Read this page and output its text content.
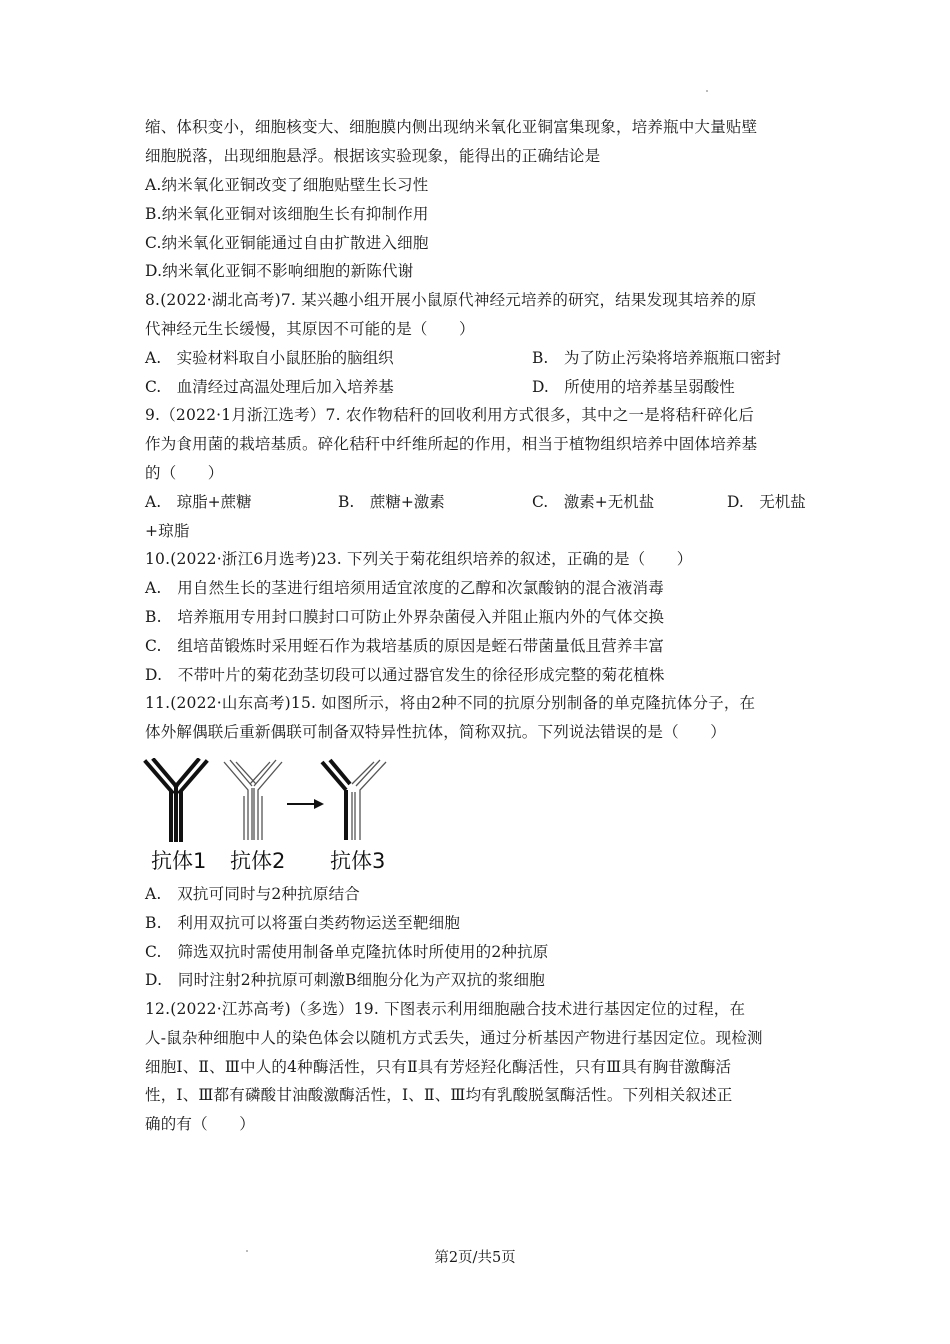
缩、体积变小，细胞核变大、细胞膜内侧出现纳米氧化亚铜富集现象，培养瓶中大量贴壁
细胞脱落，出现细胞悬浮。根据该实验现象，能得出的正确结论是
A.纳米氧化亚铜改变了细胞贴壁生长习性
B.纳米氧化亚铜对该细胞生长有抑制作用
C.纳米氧化亚铜能通过自由扩散进入细胞
D.纳米氧化亚铜不影响细胞的新陈代谢
8.(2022·湖北高考)7. 某兴趣小组开展小鼠原代神经元培养的研究，结果发现其培养的原
代神经元生长缓慢，其原因不可能的是（　　）
A.　实验材料取自小鼠胚胎的脑组织	B.　为了防止污染将培养瓶瓶口密封
C.　血清经过高温处理后加入培养基	D.　所使用的培养基呈弱酸性
9.（2022·1月浙江选考）7. 农作物秸秆的回收利用方式很多，其中之一是将秸秆碎化后
作为食用菌的栽培基质。碎化秸秆中纤维所起的作用，相当于植物组织培养中固体培养基
的（　　）
A.　琼脂+蔗糖	B.　蔗糖+激素	C.　激素+无机盐	D.　无机盐
+琼脂
10.(2022·浙江6月选考)23. 下列关于菊花组织培养的叙述，正确的是（　　）
A.　用自然生长的茎进行组培须用适宜浓度的乙醇和次氯酸钠的混合液消毒
B.　培养瓶用专用封口膜封口可防止外界杂菌侵入并阻止瓶内外的气体交换
C.　组培苗锻炼时采用蛭石作为栽培基质的原因是蛭石带菌量低且营养丰富
D.　不带叶片的菊花劲茎切段可以通过器官发生的徐径形成完整的菊花植株
11.(2022·山东高考)15. 如图所示，将由2种不同的抗原分别制备的单克隆抗体分子，在
体外解偶联后重新偶联可制备双特异性抗体，简称双抗。下列说法错误的是（　　）
抗体1 抗体2 抗体3
A.　双抗可同时与2种抗原结合
B.　利用双抗可以将蛋白类药物运送至靶细胞
C.　筛选双抗时需使用制备单克隆抗体时所使用的2种抗原
D.　同时注射2种抗原可刺激B细胞分化为产双抗的浆细胞
12.(2022·江苏高考)（多选）19. 下图表示利用细胞融合技术进行基因定位的过程，在
人-鼠杂种细胞中人的染色体会以随机方式丢失，通过分析基因产物进行基因定位。现检测
细胞Ⅰ、Ⅱ、Ⅲ中人的4种酶活性，只有Ⅱ具有芳烃羟化酶活性，只有Ⅲ具有胸苷激酶活
性，Ⅰ、Ⅲ都有磷酸甘油酸激酶活性，Ⅰ、Ⅱ、Ⅲ均有乳酸脱氢酶活性。下列相关叙述正
确的有（　　）
第2页/共5页
